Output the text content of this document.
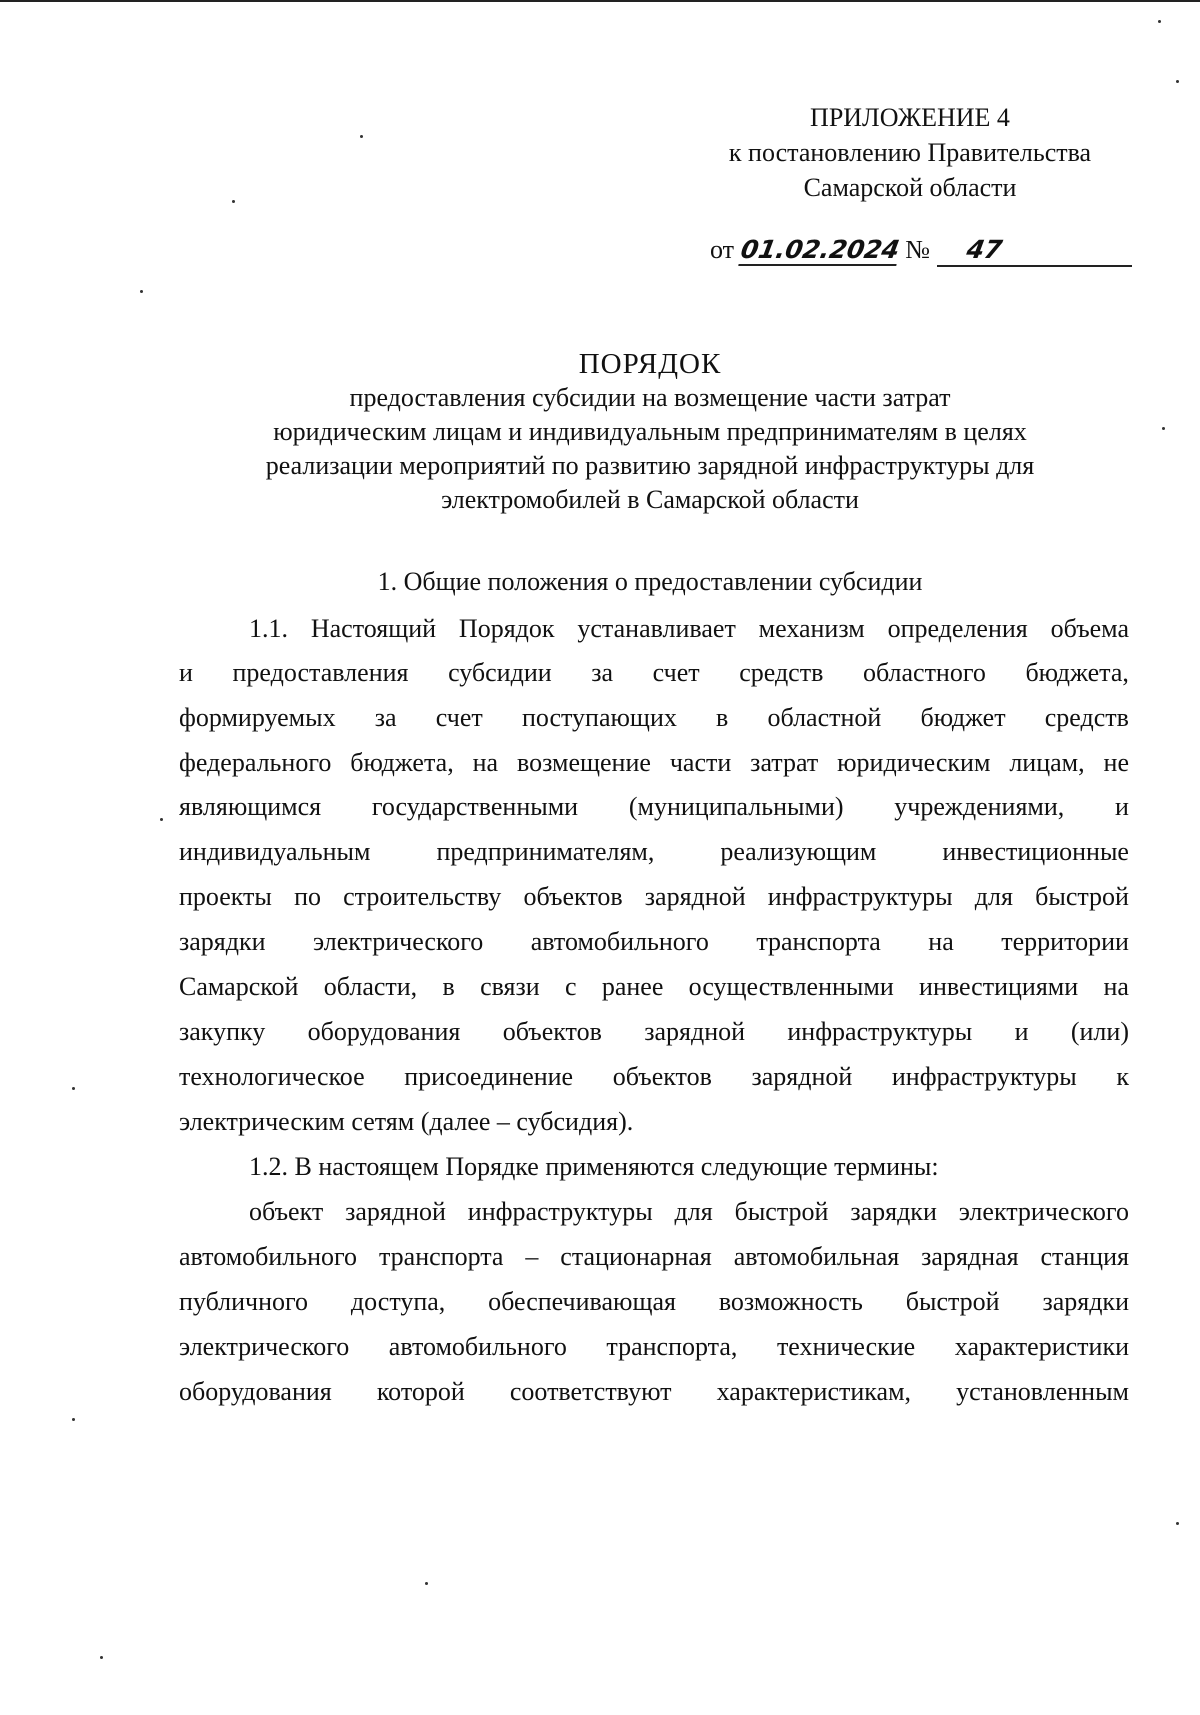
ПРИЛОЖЕНИЕ 4
к постановлению Правительства
Самарской области
от 01.02.2024 № 47
ПОРЯДОК
предоставления субсидии на возмещение части затрат
юридическим лицам и индивидуальным предпринимателям в целях
реализации мероприятий по развитию зарядной инфраструктуры для
электромобилей в Самарской области
1. Общие положения о предоставлении субсидии
1.1. Настоящий Порядок устанавливает механизм определения объема
и предоставления субсидии за счет средств областного бюджета,
формируемых за счет поступающих в областной бюджет средств
федерального бюджета, на возмещение части затрат юридическим лицам, не
являющимся государственными (муниципальными) учреждениями, и
индивидуальным	предпринимателям,	реализующим	инвестиционные
проекты по строительству объектов зарядной инфраструктуры для быстрой
зарядки электрического автомобильного транспорта на территории
Самарской области, в связи с ранее осуществленными инвестициями на
закупку оборудования объектов зарядной инфраструктуры и (или)
технологическое присоединение объектов зарядной инфраструктуры к
электрическим сетям (далее – субсидия).
1.2. В настоящем Порядке применяются следующие термины:
объект зарядной инфраструктуры для быстрой зарядки электрического
автомобильного транспорта – стационарная автомобильная зарядная станция
публичного доступа, обеспечивающая возможность быстрой зарядки
электрического автомобильного транспорта, технические характеристики
оборудования которой соответствуют характеристикам, установленным
